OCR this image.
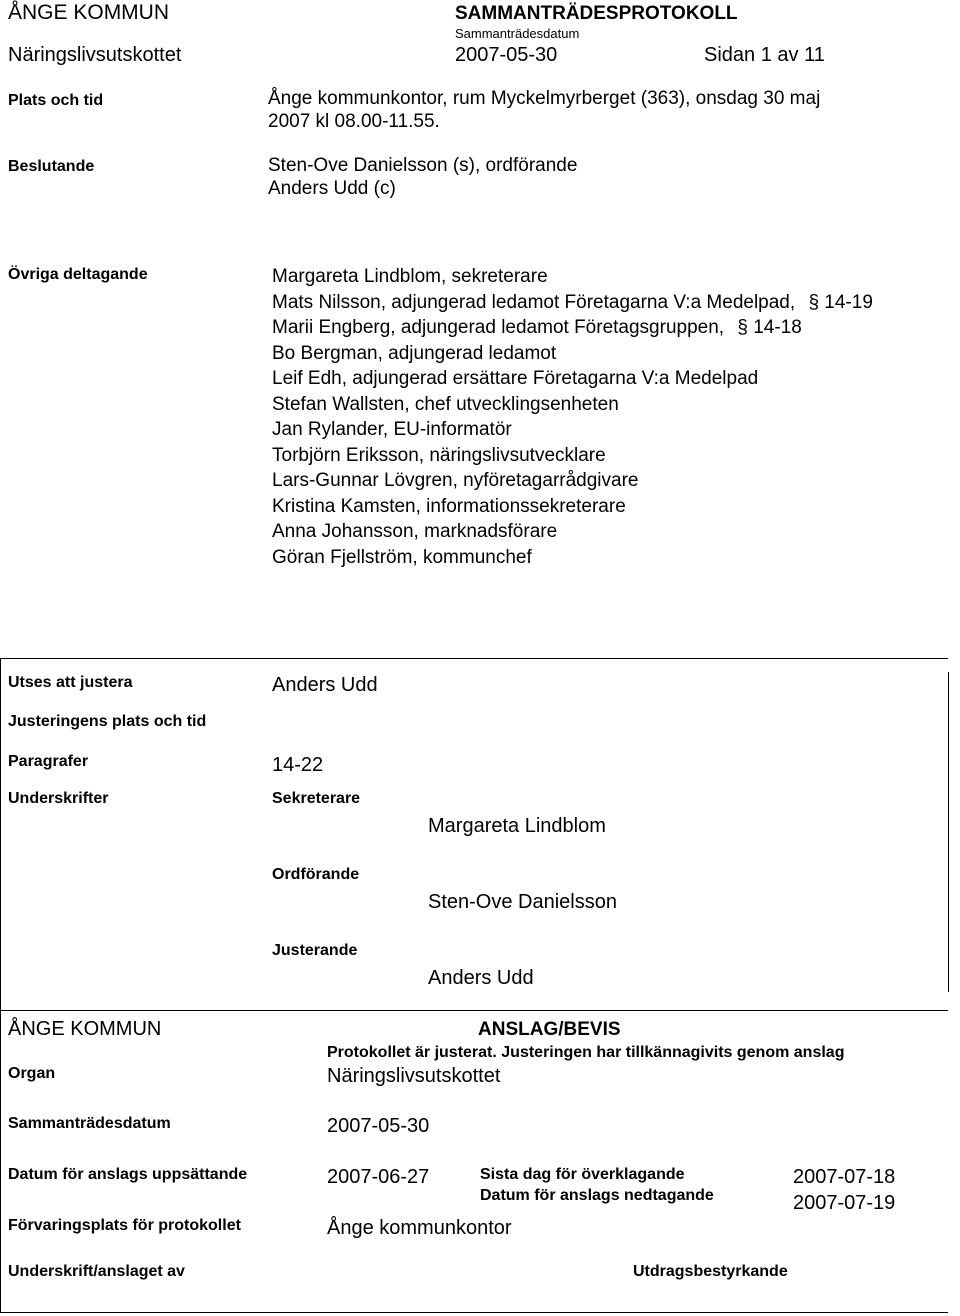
ÅNGE KOMMUN	SAMMANTRÄDESPROTOKOLL
Sammanträdesdatum
Näringslivsutskottet	2007-05-30	Sidan 1 av 11
Plats och tid	Ånge kommunkontor, rum Myckelmyrberget (363), onsdag 30 maj
2007 kl 08.00-11.55.
Beslutande	Sten-Ove Danielsson (s), ordförande
Anders Udd (c)
Övriga deltagande	Margareta Lindblom, sekreterare
Mats Nilsson, adjungerad ledamot Företagarna V:a Medelpad, § 14-19
Marii Engberg, adjungerad ledamot Företagsgruppen, § 14-18
Bo Bergman, adjungerad ledamot
Leif Edh, adjungerad ersättare Företagarna V:a Medelpad
Stefan Wallsten, chef utvecklingsenheten
Jan Rylander, EU-informatör
Torbjörn Eriksson, näringslivsutvecklare
Lars-Gunnar Lövgren, nyföretagarrådgivare
Kristina Kamsten, informationssekreterare
Anna Johansson, marknadsförare
Göran Fjellström, kommunchef
Utses att justera	Anders Udd
Justeringens plats och tid
Paragrafer	14-22
Underskrifter	Sekreterare
Margareta Lindblom
Ordförande
Sten-Ove Danielsson
Justerande
Anders Udd
ÅNGE KOMMUN	ANSLAG/BEVIS
Protokollet är justerat. Justeringen har tillkännagivits genom anslag
Organ	Näringslivsutskottet
Sammanträdesdatum	2007-05-30
Datum för anslags uppsättande	2007-06-27	Sista dag för överklagande	2007-07-18
Datum för anslags nedtagande	2007-07-19
Förvaringsplats för protokollet	Ånge kommunkontor
Underskrift/anslaget av	Utdragsbestyrkande
